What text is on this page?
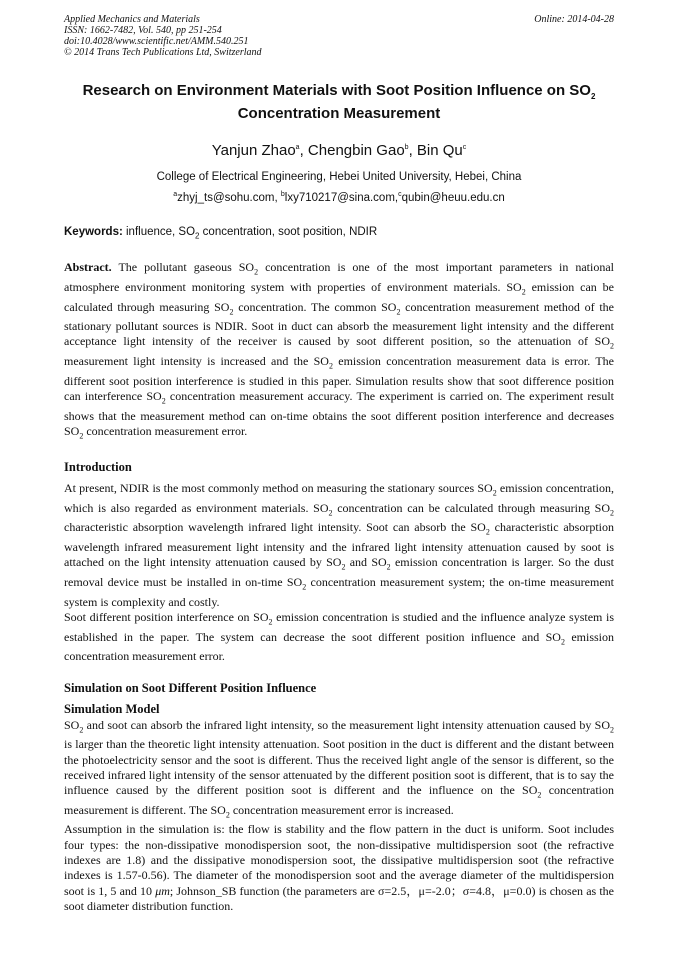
Applied Mechanics and Materials
ISSN: 1662-7482, Vol. 540, pp 251-254
doi:10.4028/www.scientific.net/AMM.540.251
© 2014 Trans Tech Publications Ltd, Switzerland
Online: 2014-04-28
Research on Environment Materials with Soot Position Influence on $SO_2$
Concentration Measurement
Yanjun Zhao$^a$, Chengbin Gao$^b$, Bin Qu$^c$
College of Electrical Engineering, Hebei United University, Hebei, China
$^a$zhyj_ts@sohu.com, $^b$lxy710217@sina.com,$^c$qubin@heuu.edu.cn
Keywords: influence, $SO_2$ concentration, soot position, NDIR

Abstract. The pollutant gaseous $SO_2$ concentration is one of the most important parameters in national atmosphere environment monitoring system with properties of environment materials. $SO_2$ emission can be calculated through measuring $SO_2$ concentration. The common $SO_2$ concentration measurement method of the stationary pollutant sources is NDIR. Soot in duct can absorb the measurement light intensity and the different acceptance light intensity of the receiver is caused by soot different position, so the attenuation of $SO_2$ measurement light intensity is increased and the $SO_2$ emission concentration measurement data is error. The different soot position interference is studied in this paper. Simulation results show that soot difference position can interference $SO_2$ concentration measurement accuracy. The experiment is carried on. The experiment result shows that the measurement method can on-time obtains the soot different position interference and decreases $SO_2$ concentration measurement error.

Introduction

At present, NDIR is the most commonly method on measuring the stationary sources $SO_2$ emission concentration, which is also regarded as environment materials. $SO_2$ concentration can be calculated through measuring $SO_2$ characteristic absorption wavelength infrared light intensity. Soot can absorb the $SO_2$ characteristic absorption wavelength infrared measurement light intensity and the infrared light intensity attenuation caused by soot is attached on the light intensity attenuation caused by $SO_2$ and $SO_2$ emission concentration is larger. So the dust removal device must be installed in on-time $SO_2$ concentration measurement system; the on-time measurement system is complexity and costly.

Soot different position interference on $SO_2$ emission concentration is studied and the influence analyze system is established in the paper. The system can decrease the soot different position influence and $SO_2$ emission concentration measurement error.

Simulation on Soot Different Position Influence
Simulation Model

$SO_2$ and soot can absorb the infrared light intensity, so the measurement light intensity attenuation caused by $SO_2$ is larger than the theoretic light intensity attenuation. Soot position in the duct is different and the distant between the photoelectricity sensor and the soot is different. Thus the received light angle of the sensor is different, so the received infrared light intensity of the sensor attenuated by the different position soot is different, that is to say the influence caused by the different position soot is different and the influence on the $SO_2$ concentration measurement is different. The $SO_2$ concentration measurement error is increased.

Assumption in the simulation is: the flow is stability and the flow pattern in the duct is uniform. Soot includes four types: the non-dissipative monodispersion soot, the non-dissipative multidispersion soot (the refractive indexes are 1.8) and the dissipative monodispersion soot, the dissipative multidispersion soot (the refractive indexes is 1.57-0.56). The diameter of the monodispersion soot and the average diameter of the multidispersion soot is 1, 5 and 10 μm; Johnson_SB function (the parameters are σ=2.5，μ=-2.0；σ=4.8，μ=0.0) is chosen as the soot diameter distribution function.
